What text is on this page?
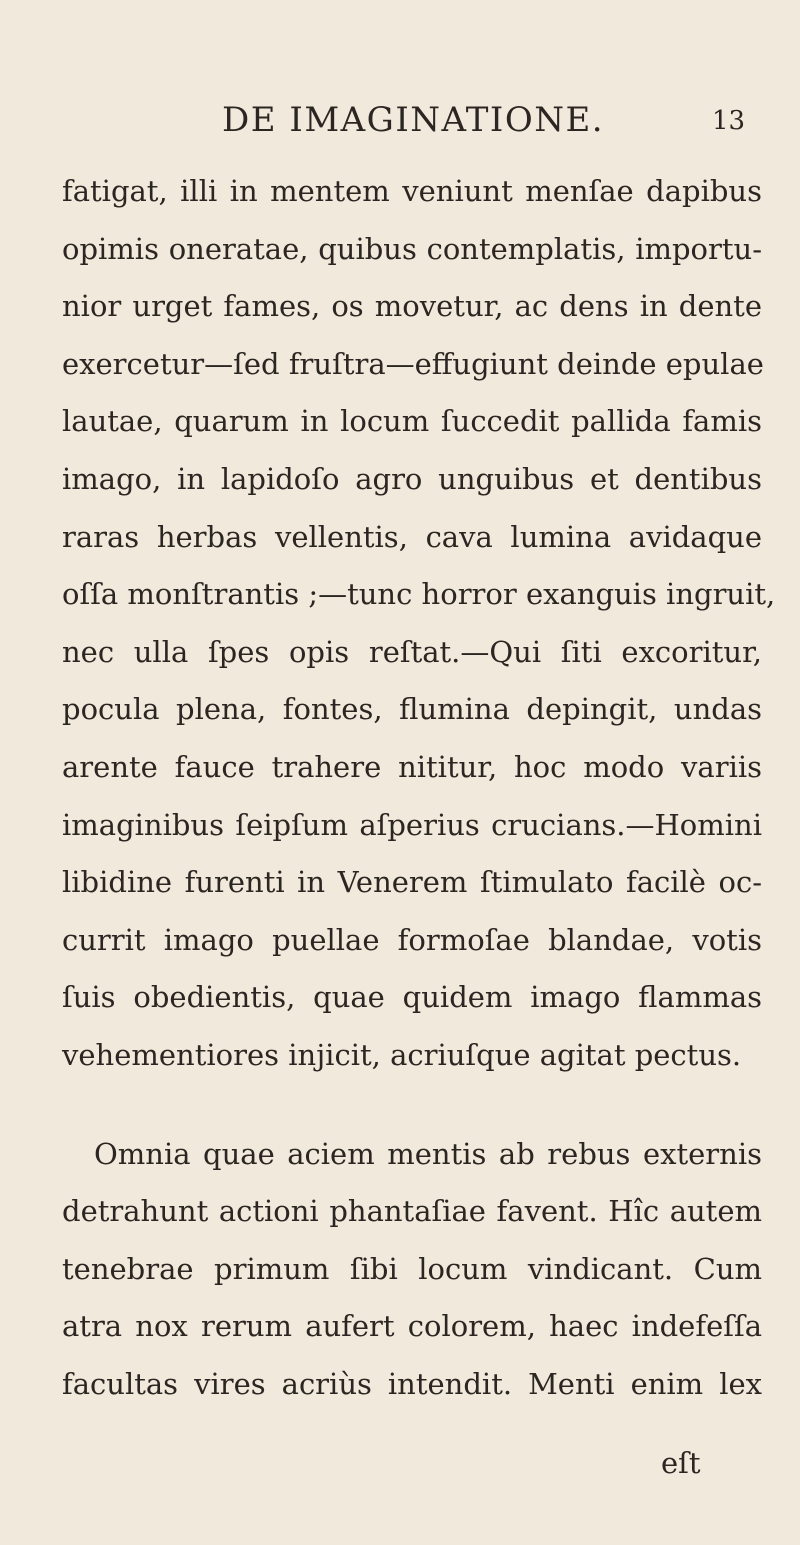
DE IMAGINATIONE.	13
fatigat, illi in mentem veniunt menſae dapibus
opimis oneratae, quibus contemplatis, importu-
nior urget fames, os movetur, ac dens in dente
exercetur—ſed fruſtra—effugiunt deinde epulae
lautae, quarum in locum ſuccedit pallida famis
imago, in lapidoſo agro unguibus et dentibus
raras herbas vellentis, cava lumina avidaque
oſſa monſtrantis ;—tunc horror exanguis ingruit,
nec ulla ſpes opis reſtat.—Qui ſiti excoritur,
pocula plena, fontes, flumina depingit, undas
arente fauce trahere nititur, hoc modo variis
imaginibus ſeipſum aſperius crucians.—Homini
libidine furenti in Venerem ſtimulato facilè oc-
currit imago puellae formoſae blandae, votis
ſuis obedientis, quae quidem imago flammas
vehementiores injicit, acriuſque agitat pectus.
Omnia quae aciem mentis ab rebus externis
detrahunt actioni phantaſiae favent. Hîc autem
tenebrae primum ſibi locum vindicant. Cum
atra nox rerum aufert colorem, haec indefeſſa
facultas vires acriùs intendit. Menti enim lex
eſt
